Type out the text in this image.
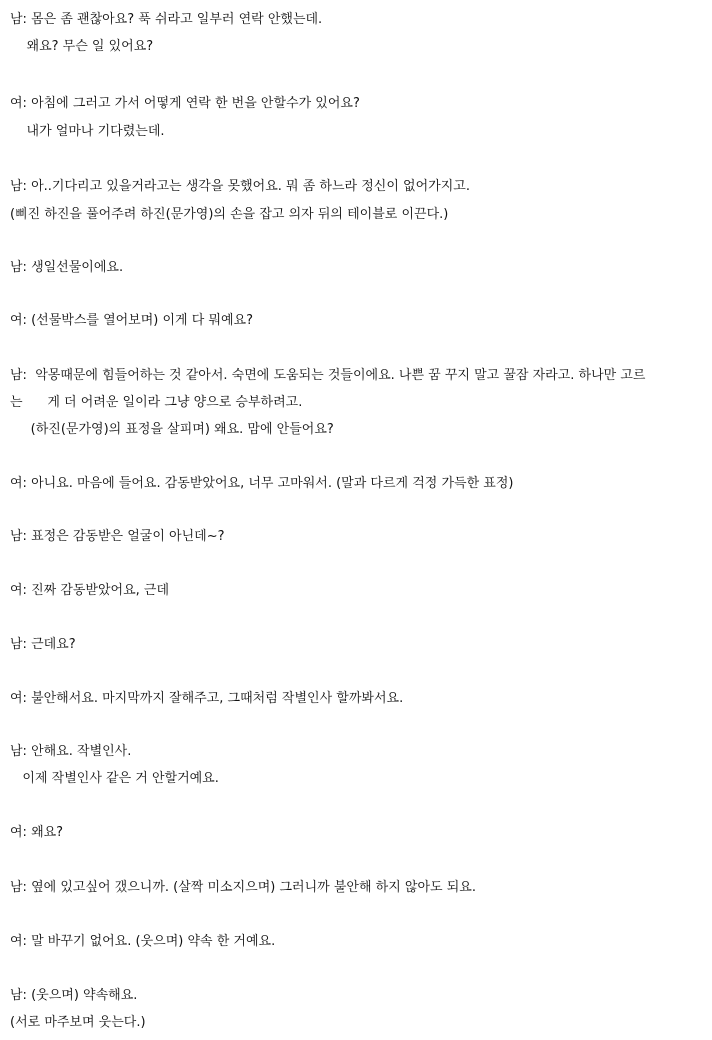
남: 몸은 좀 괜찮아요? 푹 쉬라고 일부러 연락 안했는데.
왜요? 무슨 일 있어요?
여: 아침에 그러고 가서 어떻게 연락 한 번을 안할수가 있어요?
내가 얼마나 기다렸는데.
남: 아..기다리고 있을거라고는 생각을 못했어요. 뭐 좀 하느라 정신이 없어가지고.
(삐진 하진을 풀어주려 하진(문가영)의 손을 잡고 의자 뒤의 테이블로 이끈다.)
남: 생일선물이에요.
여: (선물박스를 열어보며) 이게 다 뭐예요?
남:  악몽때문에 힘들어하는 것 같아서. 숙면에 도움되는 것들이에요. 나쁜 꿈 꾸지 말고 꿀잠 자라고. 하나만 고르
는      게 더 어려운 일이라 그냥 양으로 승부하려고.
(하진(문가영)의 표정을 살피며) 왜요. 맘에 안들어요?
여: 아니요. 마음에 들어요. 감동받았어요, 너무 고마워서. (말과 다르게 걱정 가득한 표정)
남: 표정은 감동받은 얼굴이 아닌데~?
여: 진짜 감동받았어요, 근데
남: 근데요?
여: 불안해서요. 마지막까지 잘해주고, 그때처럼 작별인사 할까봐서요.
남: 안해요. 작별인사.
이제 작별인사 같은 거 안할거예요.
여: 왜요?
남: 옆에 있고싶어 갰으니까. (살짝 미소지으며) 그러니까 불안해 하지 않아도 되요.
여: 말 바꾸기 없어요. (웃으며) 약속 한 거예요.
남: (웃으며) 약속해요.
(서로 마주보며 웃는다.)
